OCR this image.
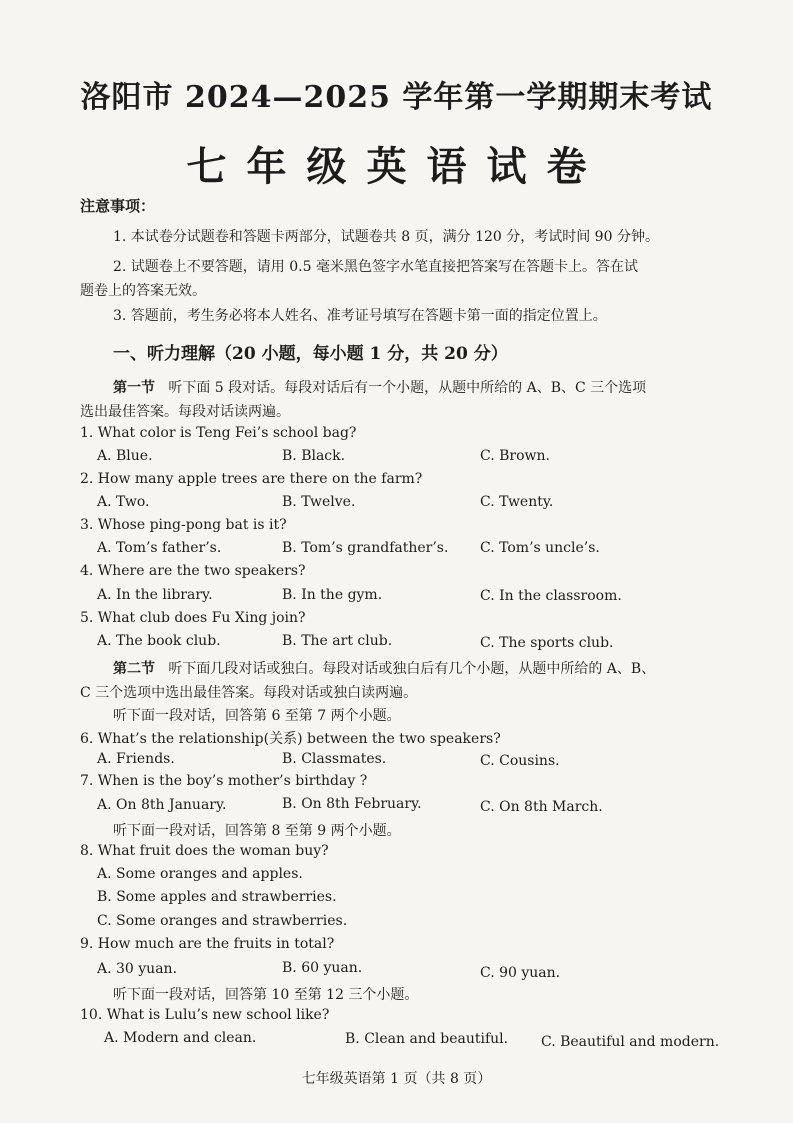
洛阳市 2024—2025 学年第一学期期末考试
七年级英语试卷
注意事项：
1. 本试卷分试题卷和答题卡两部分，试题卷共 8 页，满分 120 分，考试时间 90 分钟。
2. 试题卷上不要答题，请用 0.5 毫米黑色签字水笔直接把答案写在答题卡上。答在试
题卷上的答案无效。
3. 答题前，考生务必将本人姓名、准考证号填写在答题卡第一面的指定位置上。
一、听力理解（20 小题，每小题 1 分，共 20 分）
第一节 听下面 5 段对话。每段对话后有一个小题，从题中所给的 A、B、C 三个选项
选出最佳答案。每段对话读两遍。
1. What color is Teng Fei’s school bag?
A. Blue.	B. Black.	C. Brown.
2. How many apple trees are there on the farm?
A. Two.	B. Twelve.	C. Twenty.
3. Whose ping-pong bat is it?
A. Tom’s father’s.	B. Tom’s grandfather’s. C. Tom’s uncle’s.
4. Where are the two speakers?
A. In the library.	B. In the gym.	C. In the classroom.
5. What club does Fu Xing join?
A. The book club.	B. The art club.	C. The sports club.
第二节 听下面几段对话或独白。每段对话或独白后有几个小题，从题中所给的 A、B、
C 三个选项中选出最佳答案。每段对话或独白读两遍。
听下面一段对话，回答第 6 至第 7 两个小题。
6. What’s the relationship(关系) between the two speakers?
A. Friends.	B. Classmates.	C. Cousins.
7. When is the boy’s mother’s birthday ?
A. On 8th January.	B. On 8th February.	C. On 8th March.
听下面一段对话，回答第 8 至第 9 两个小题。
8. What fruit does the woman buy?
A. Some oranges and apples.
B. Some apples and strawberries.
C. Some oranges and strawberries.
9. How much are the fruits in total?
A. 30 yuan.	B. 60 yuan.	C. 90 yuan.
听下面一段对话，回答第 10 至第 12 三个小题。
10. What is Lulu’s new school like?
A. Modern and clean.	B. Clean and beautiful. C. Beautiful and modern.
七年级英语第 1 页（共 8 页）
